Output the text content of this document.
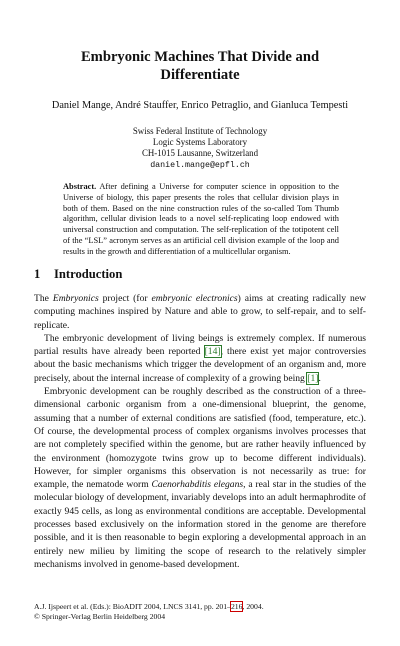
Embryonic Machines That Divide and
Differentiate
Daniel Mange, André Stauffer, Enrico Petraglio, and Gianluca Tempesti
Swiss Federal Institute of Technology
Logic Systems Laboratory
CH-1015 Lausanne, Switzerland
daniel.mange@epfl.ch
Abstract. After defining a Universe for computer science in opposition to the Universe of biology, this paper presents the roles that cellular division plays in both of them. Based on the nine construction rules of the so-called Tom Thumb algorithm, cellular division leads to a novel self-replicating loop endowed with universal construction and computation. The self-replication of the totipotent cell of the “LSL” acronym serves as an artificial cell division example of the loop and results in the growth and differentiation of a multicellular organism.
1 Introduction

The Embryonics project (for embryonic electronics) aims at creating radically new computing machines inspired by Nature and able to grow, to self-repair, and to self-replicate.

The embryonic development of living beings is extremely complex. If numerous partial results have already been reported [14], there exist yet major controversies about the basic mechanisms which trigger the development of an organism and, more precisely, about the internal increase of complexity of a growing being [1].

Embryonic development can be roughly described as the construction of a three-dimensional carbonic organism from a one-dimensional blueprint, the genome, assuming that a number of external conditions are satisfied (food, temperature, etc.). Of course, the developmental process of complex organisms involves processes that are not completely specified within the genome, but are rather heavily influenced by the environment (homozygote twins grow up to become different individuals). However, for simpler organisms this observation is not necessarily as true: for example, the nematode worm Caenorhabditis elegans, a real star in the studies of the molecular biology of development, invariably develops into an adult hermaphrodite of exactly 945 cells, as long as environmental conditions are acceptable. Developmental processes based exclusively on the information stored in the genome are therefore possible, and it is then reasonable to begin exploring a developmental approach in an entirely new milieu by limiting the scope of research to the relatively simpler mechanisms involved in genome-based development.

A.J. Ijspeert et al. (Eds.): BioADIT 2004, LNCS 3141, pp. 201–216, 2004.
© Springer-Verlag Berlin Heidelberg 2004
